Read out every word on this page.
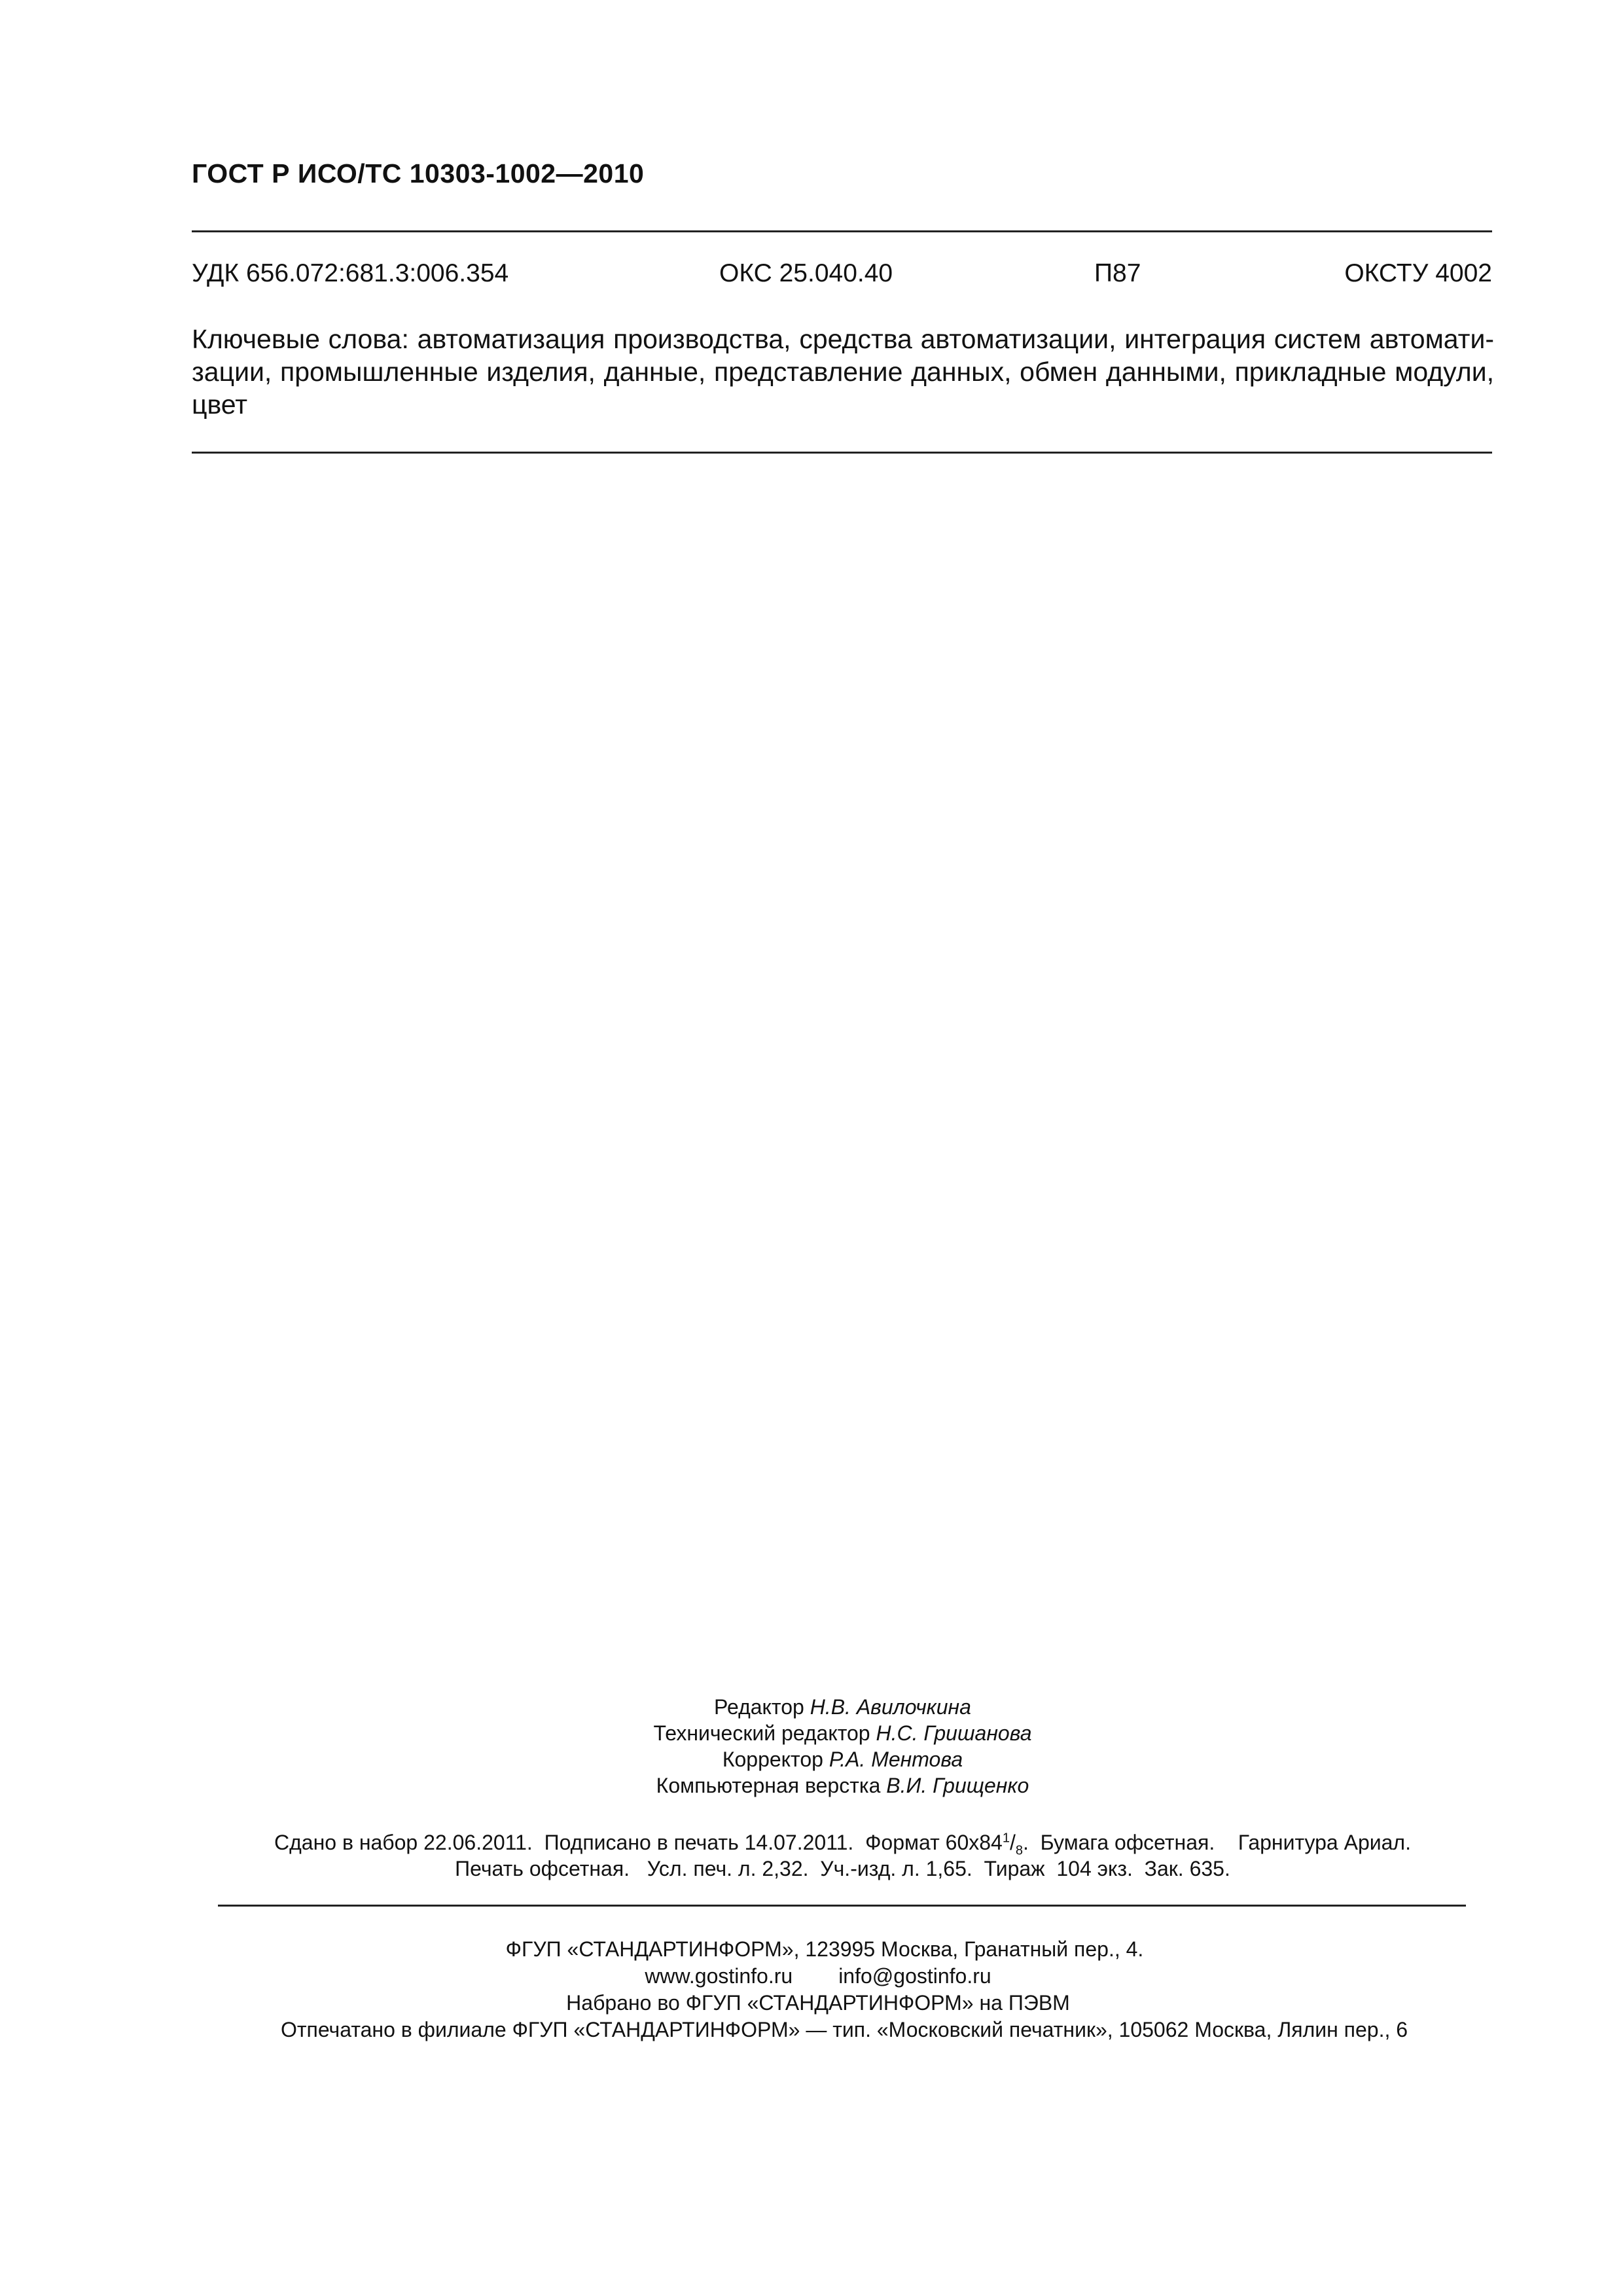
ГОСТ Р ИСО/ТС 10303-1002—2010
УДК 656.072:681.3:006.354	ОКС 25.040.40	П87	ОКСТУ 4002
Ключевые слова: автоматизация производства, средства автоматизации, интеграция систем автомати-
зации, промышленные изделия, данные, представление данных, обмен данными, прикладные модули,
цвет
Редактор Н.В. Авилочкина
Технический редактор Н.С. Гришанова
Корректор Р.А. Ментова
Компьютерная верстка В.И. Грищенко
Сдано в набор 22.06.2011.  Подписано в печать 14.07.2011.  Формат $60х84^1/_8$.  Бумага офсетная.    Гарнитура Ариал.
Печать офсетная.   Усл. печ. л. 2,32.  Уч.-изд. л. 1,65.  Тираж  104 экз.  Зак. 635.
ФГУП «СТАНДАРТИНФОРМ», 123995 Москва, Гранатный пер., 4.
www.gostinfo.ru info@gostinfo.ru
Набрано во ФГУП «СТАНДАРТИНФОРМ» на ПЭВМ
Отпечатано в филиале ФГУП «СТАНДАРТИНФОРМ» — тип. «Московский печатник», 105062 Москва, Лялин пер., 6
